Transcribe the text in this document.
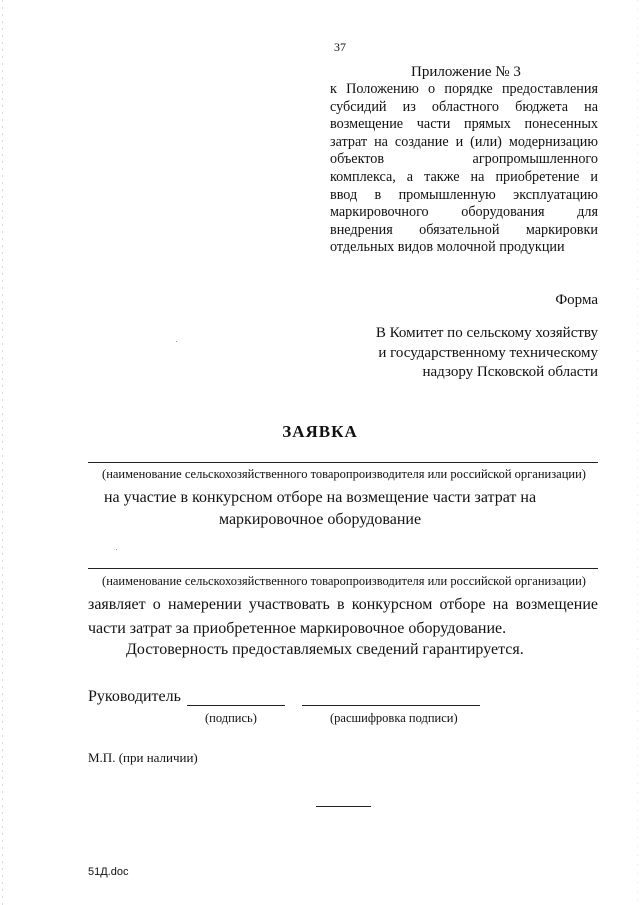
37
Приложение № 3
к Положению о порядке предоставления
субсидий из областного бюджета на
возмещение части прямых понесенных
затрат на создание и (или) модернизацию
объектов агропромышленного
комплекса, а также на приобретение и
ввод в промышленную эксплуатацию
маркировочного оборудования для
внедрения обязательной маркировки
отдельных видов молочной продукции
Форма
В Комитет по сельскому хозяйству
и государственному техническому
надзору Псковской области
ЗАЯВКА
(наименование сельскохозяйственного товаропроизводителя или российской организации)
на участие в конкурсном отборе на возмещение части затрат на
маркировочное оборудование
(наименование сельскохозяйственного товаропроизводителя или российской организации)
заявляет о намерении участвовать в конкурсном отборе на возмещение
части затрат за приобретенное маркировочное оборудование.
Достоверность предоставляемых сведений гарантируется.
Руководитель
(подпись)	(расшифровка подписи)
М.П. (при наличии)
51Д.doc
